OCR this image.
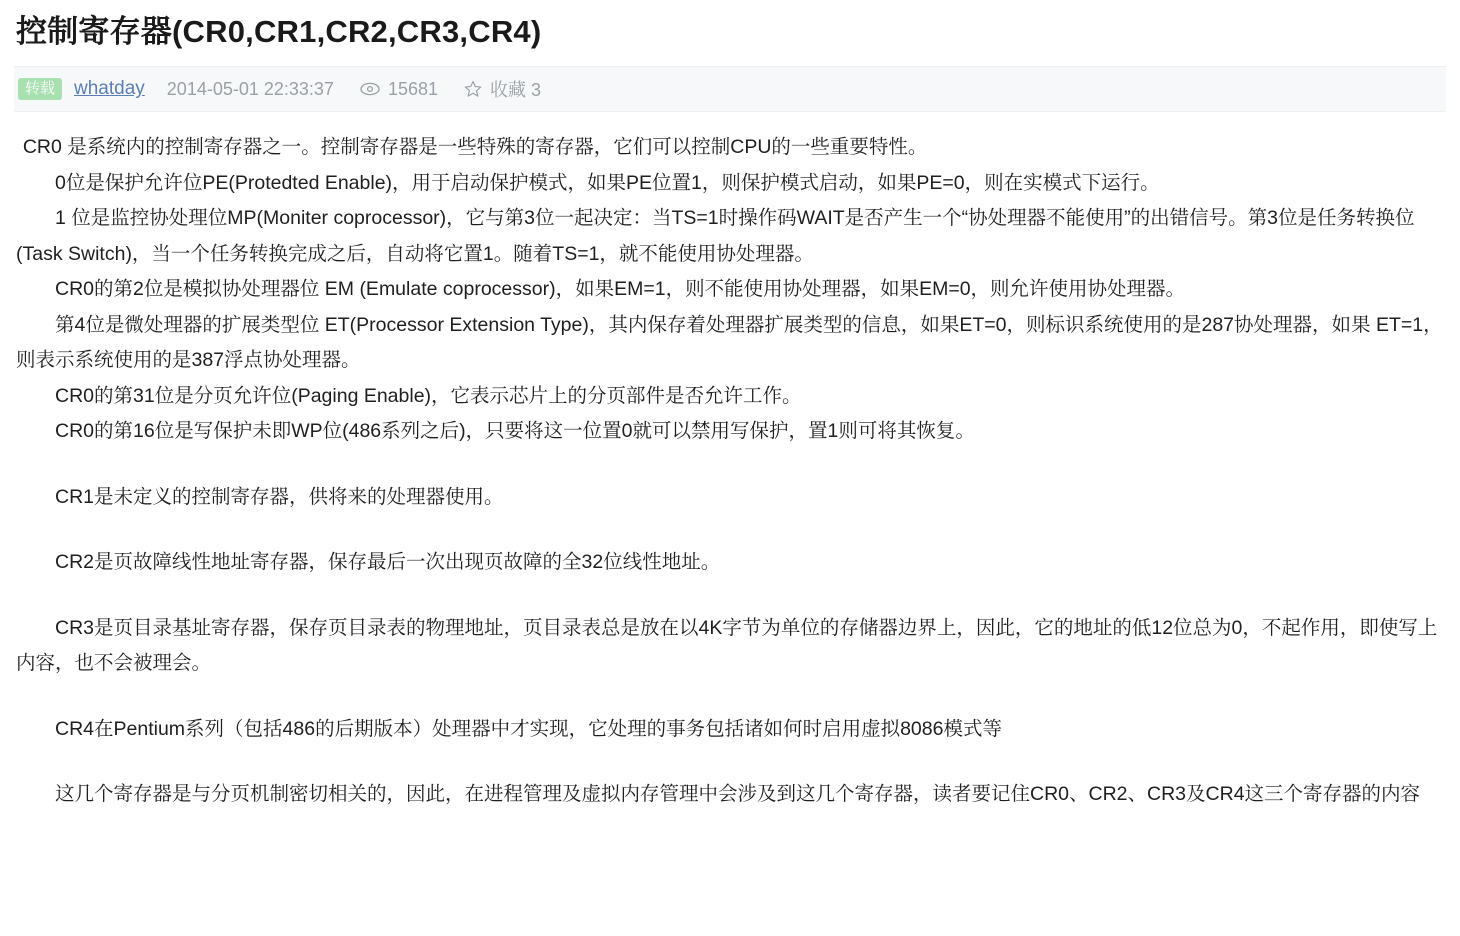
控制寄存器(CR0,CR1,CR2,CR3,CR4)
转载	whatday 2014-05-01 22:33:37	15681	收藏 3

CR0 是系统内的控制寄存器之一。控制寄存器是一些特殊的寄存器，它们可以控制CPU的一些重要特性。

0位是保护允许位PE(Protedted Enable)，用于启动保护模式，如果PE位置1，则保护模式启动，如果PE=0，则在实模式下运行。

1 位是监控协处理位MP(Moniter coprocessor)，它与第3位一起决定：当TS=1时操作码WAIT是否产生一个“协处理器不能使用”的出错信号。第3位是任务转换位(Task Switch)，当一个任务转换完成之后，自动将它置1。随着TS=1，就不能使用协处理器。

CR0的第2位是模拟协处理器位 EM (Emulate coprocessor)，如果EM=1，则不能使用协处理器，如果EM=0，则允许使用协处理器。

第4位是微处理器的扩展类型位 ET(Processor Extension Type)，其内保存着处理器扩展类型的信息，如果ET=0，则标识系统使用的是287协处理器，如果 ET=1，则表示系统使用的是387浮点协处理器。

CR0的第31位是分页允许位(Paging Enable)，它表示芯片上的分页部件是否允许工作。

CR0的第16位是写保护未即WP位(486系列之后)，只要将这一位置0就可以禁用写保护，置1则可将其恢复。

CR1是未定义的控制寄存器，供将来的处理器使用。

CR2是页故障线性地址寄存器，保存最后一次出现页故障的全32位线性地址。

CR3是页目录基址寄存器，保存页目录表的物理地址，页目录表总是放在以4K字节为单位的存储器边界上，因此，它的地址的低12位总为0，不起作用，即使写上内容，也不会被理会。

CR4在Pentium系列（包括486的后期版本）处理器中才实现，它处理的事务包括诸如何时启用虚拟8086模式等

这几个寄存器是与分页机制密切相关的，因此，在进程管理及虚拟内存管理中会涉及到这几个寄存器，读者要记住CR0、CR2、CR3及CR4这三个寄存器的内容
